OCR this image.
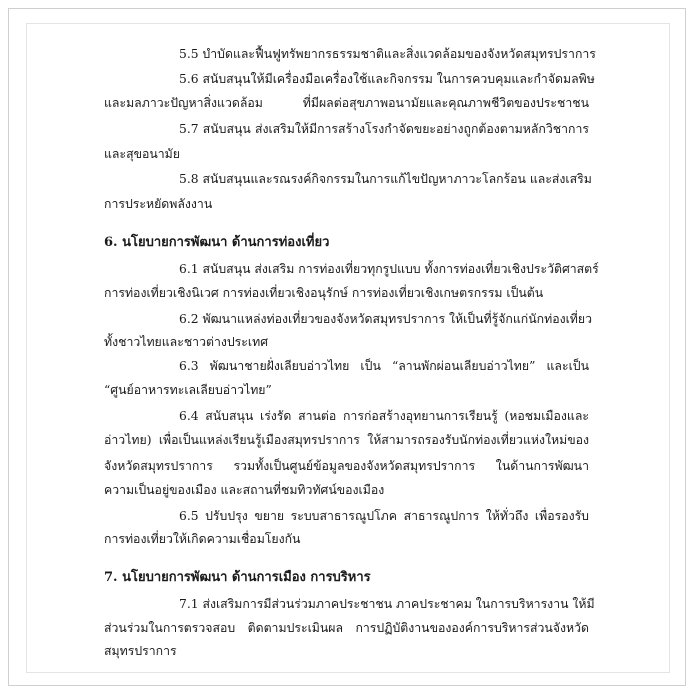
5.5 บำบัดและฟื้นฟูทรัพยากรธรรมชาติและสิ่งแวดล้อมของจังหวัดสมุทรปราการ
5.6 สนับสนุนให้มีเครื่องมือเครื่องใช้และกิจกรรม ในการควบคุมและกำจัดมลพิษ
และมลภาวะปัญหาสิ่งแวดล้อม ที่มีผลต่อสุขภาพอนามัยและคุณภาพชีวิตของประชาชน
5.7 สนับสนุน ส่งเสริมให้มีการสร้างโรงกำจัดขยะอย่างถูกต้องตามหลักวิชาการ
และสุขอนามัย
5.8 สนับสนุนและรณรงค์กิจกรรมในการแก้ไขปัญหาภาวะโลกร้อน และส่งเสริม
การประหยัดพลังงาน
6. นโยบายการพัฒนา ด้านการท่องเที่ยว
6.1 สนับสนุน ส่งเสริม การท่องเที่ยวทุกรูปแบบ ทั้งการท่องเที่ยวเชิงประวัติศาสตร์
การท่องเที่ยวเชิงนิเวศ การท่องเที่ยวเชิงอนุรักษ์ การท่องเที่ยวเชิงเกษตรกรรม เป็นต้น
6.2 พัฒนาแหล่งท่องเที่ยวของจังหวัดสมุทรปราการ ให้เป็นที่รู้จักแก่นักท่องเที่ยว
ทั้งชาวไทยและชาวต่างประเทศ
6.3 พัฒนาชายฝั่งเลียบอ่าวไทย เป็น “ลานพักผ่อนเลียบอ่าวไทย” และเป็น
“ศูนย์อาหารทะเลเลียบอ่าวไทย”
6.4 สนับสนุน เร่งรัด สานต่อ การก่อสร้างอุทยานการเรียนรู้ (หอชมเมืองและ
อ่าวไทย) เพื่อเป็นแหล่งเรียนรู้เมืองสมุทรปราการ ให้สามารถรองรับนักท่องเที่ยวแห่งใหม่ของ
จังหวัดสมุทรปราการ รวมทั้งเป็นศูนย์ข้อมูลของจังหวัดสมุทรปราการ ในด้านการพัฒนา
ความเป็นอยู่ของเมือง และสถานที่ชมทิวทัศน์ของเมือง
6.5 ปรับปรุง ขยาย ระบบสาธารณูปโภค สาธารณูปการ ให้ทั่วถึง เพื่อรองรับ
การท่องเที่ยวให้เกิดความเชื่อมโยงกัน
7. นโยบายการพัฒนา ด้านการเมือง การบริหาร
7.1 ส่งเสริมการมีส่วนร่วมภาคประชาชน ภาคประชาคม ในการบริหารงาน ให้มี
ส่วนร่วมในการตรวจสอบ ติดตามประเมินผล การปฏิบัติงานขององค์การบริหารส่วนจังหวัด
สมุทรปราการ
